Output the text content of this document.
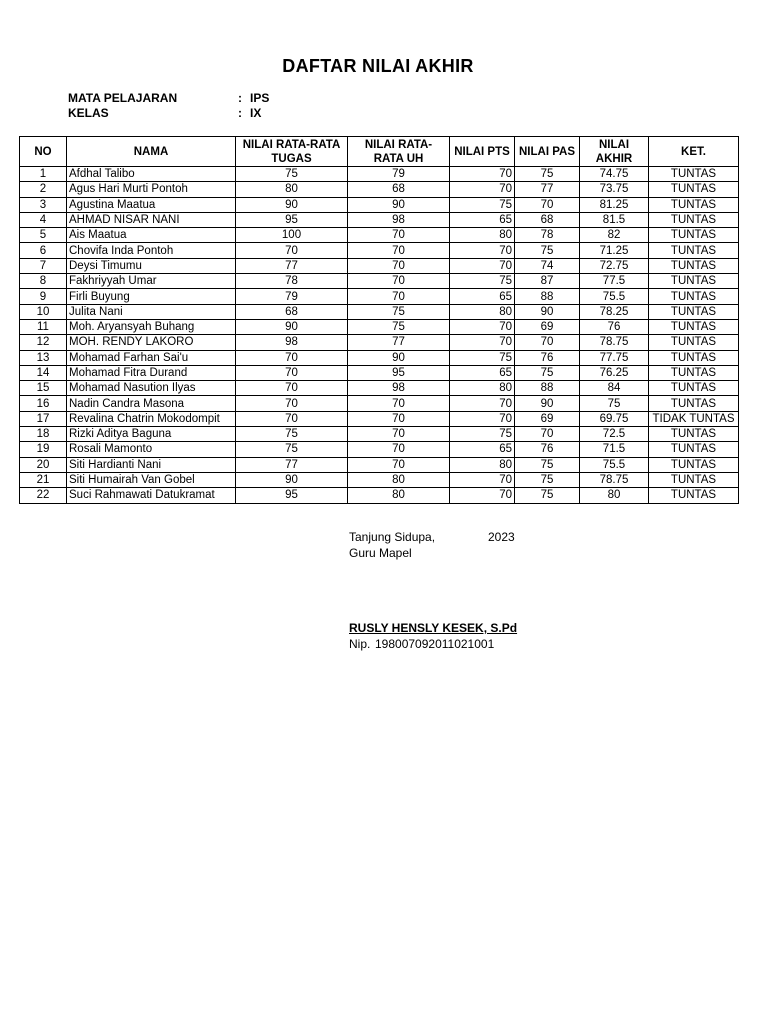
DAFTAR NILAI AKHIR
MATA PELAJARAN	: IPS
KELAS	: IX
NO	NAMA	NILAI RATA-RATA TUGAS	NILAI RATA-RATA UH	NILAI PTS	NILAI PAS	NILAI AKHIR	KET.
1	Afdhal Talibo	75	79	70	75	74.75	TUNTAS
2	Agus Hari Murti Pontoh	80	68	70	77	73.75	TUNTAS
3	Agustina Maatua	90	90	75	70	81.25	TUNTAS
4	AHMAD NISAR NANI	95	98	65	68	81.5	TUNTAS
5	Ais Maatua	100	70	80	78	82	TUNTAS
6	Chovifa Inda Pontoh	70	70	70	75	71.25	TUNTAS
7	Deysi Timumu	77	70	70	74	72.75	TUNTAS
8	Fakhriyyah Umar	78	70	75	87	77.5	TUNTAS
9	Firli Buyung	79	70	65	88	75.5	TUNTAS
10	Julita Nani	68	75	80	90	78.25	TUNTAS
11	Moh. Aryansyah Buhang	90	75	70	69	76	TUNTAS
12	MOH. RENDY LAKORO	98	77	70	70	78.75	TUNTAS
13	Mohamad Farhan Sai'u	70	90	75	76	77.75	TUNTAS
14	Mohamad Fitra Durand	70	95	65	75	76.25	TUNTAS
15	Mohamad Nasution Ilyas	70	98	80	88	84	TUNTAS
16	Nadin Candra Masona	70	70	70	90	75	TUNTAS
17	Revalina Chatrin Mokodompit	70	70	70	69	69.75	TIDAK TUNTAS
18	Rizki Aditya Baguna	75	70	75	70	72.5	TUNTAS
19	Rosali Mamonto	75	70	65	76	71.5	TUNTAS
20	Siti Hardianti Nani	77	70	80	75	75.5	TUNTAS
21	Siti Humairah Van Gobel	90	80	70	75	78.75	TUNTAS
22	Suci Rahmawati Datukramat	95	80	70	75	80	TUNTAS
Tanjung Sidupa,	2023
Guru Mapel
RUSLY HENSLY KESEK, S.Pd
Nip. 198007092011021001
